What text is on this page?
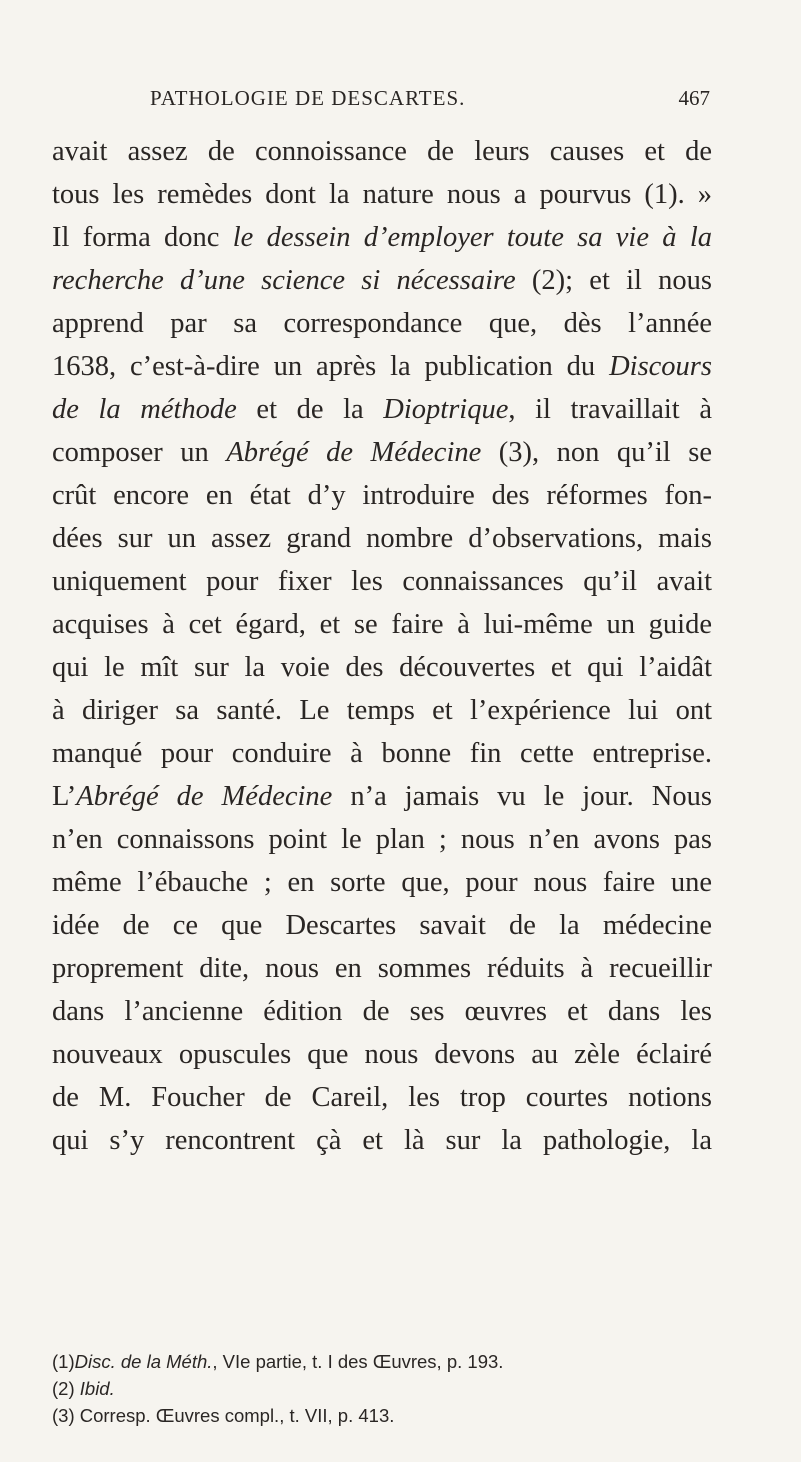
PATHOLOGIE DE DESCARTES.	467
avait assez de connoissance de leurs causes et de
tous les remèdes dont la nature nous a pourvus (1). »
Il forma donc le dessein d’employer toute sa vie à la
recherche d’une science si nécessaire (2); et il nous
apprend par sa correspondance que, dès l’année
1638, c’est-à-dire un après la publication du Discours
de la méthode et de la Dioptrique, il travaillait à
composer un Abrégé de Médecine (3), non qu’il se
crût encore en état d’y introduire des réformes fon-
dées sur un assez grand nombre d’observations, mais
uniquement pour fixer les connaissances qu’il avait
acquises à cet égard, et se faire à lui-même un guide
qui le mît sur la voie des découvertes et qui l’aidât
à diriger sa santé. Le temps et l’expérience lui ont
manqué pour conduire à bonne fin cette entreprise.
L’Abrégé de Médecine n’a jamais vu le jour. Nous
n’en connaissons point le plan ; nous n’en avons pas
même l’ébauche ; en sorte que, pour nous faire une
idée de ce que Descartes savait de la médecine
proprement dite, nous en sommes réduits à recueillir
dans l’ancienne édition de ses œuvres et dans les
nouveaux opuscules que nous devons au zèle éclairé
de M. Foucher de Careil, les trop courtes notions
qui s’y rencontrent çà et là sur la pathologie, la
(1)Disc. de la Méth., VIe partie, t. I des Œuvres, p. 193.
(2) Ibid.
(3) Corresp. Œuvres compl., t. VII, p. 413.
